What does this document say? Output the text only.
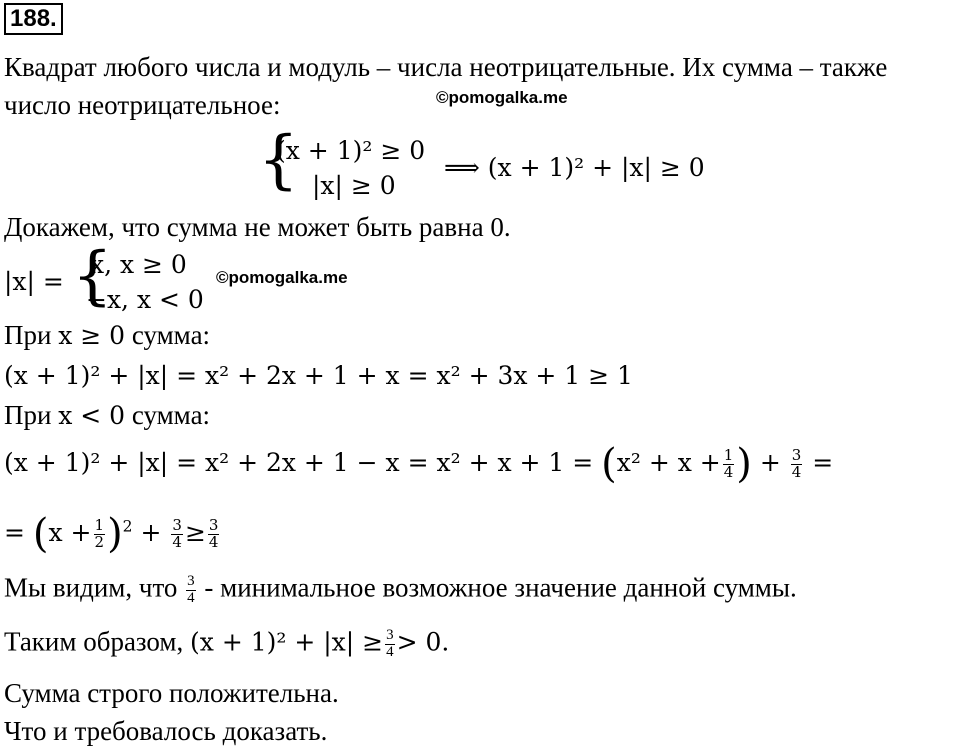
188.
Квадрат любого числа и модуль – числа неотрицательные. Их сумма – также
число неотрицательное:	©pomogalka.me
{
(x + 1)² ≥ 0
|x| ≥ 0
⟹ (x + 1)² + |x| ≥ 0
Докажем, что сумма не может быть равна 0.
|x| = {
x, x ≥ 0
−x, x < 0
©pomogalka.me
При x ≥ 0 сумма:
(x + 1)² + |x| = x² + 2x + 1 + x = x² + 3x + 1 ≥ 1
При x < 0 сумма:
$(x + 1)^2 + |x| = x^2 + 2x + 1 - x = x^2 + x + 1 = (x^2 + x + \frac{1}{4}$ ) + $\frac{3}{4}$ =
= $(x + \frac{1}{2} )^2 + \frac{3}{4} \ge \frac{3}{4}$
Мы видим, что $\frac{3}{4}$ - минимальное возможное значение данной суммы.
Таким образом, $(x + 1)^2 + |x| \ge \frac{3}{4} > 0$.
Сумма строго положительна.
Что и требовалось доказать.
